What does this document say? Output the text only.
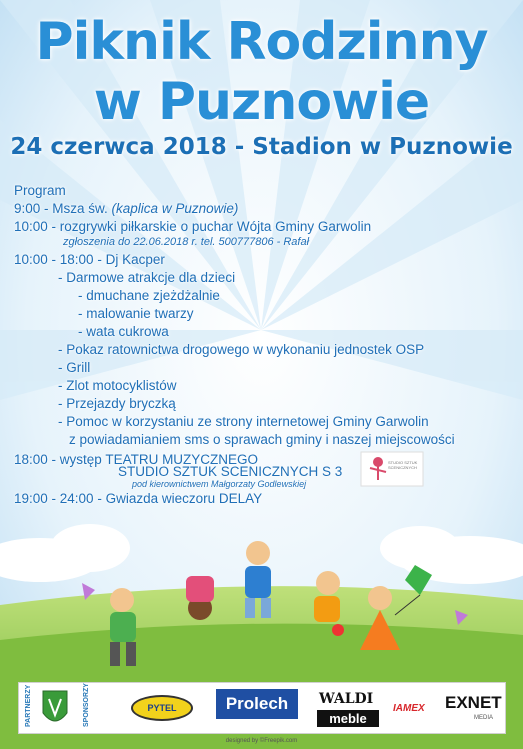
Piknik Rodzinny
w Puznowie
24 czerwca 2018 - Stadion w Puznowie
Program
9:00 - Msza św. (kaplica w Puznowie)
10:00 - rozgrywki piłkarskie o puchar Wójta Gminy Garwolin
zgłoszenia do 22.06.2018 r. tel. 500777806 - Rafał
10:00 - 18:00 - Dj Kacper
- Darmowe atrakcje dla dzieci
- dmuchane zjeżdżalnie
- malowanie twarzy
- wata cukrowa
- Pokaz ratownictwa drogowego w wykonaniu jednostek OSP
- Grill
- Zlot motocyklistów
- Przejazdy bryczką
- Pomoc w korzystaniu ze strony internetowej Gminy Garwolin
z powiadamianiem sms o sprawach gminy i naszej miejscowości
18:00 - występ TEATRU MUZYCZNEGO
STUDIO SZTUK SCENICZNYCH S 3
pod kierownictwem Małgorzaty Godlewskiej
19:00 - 24:00 - Gwiazda wieczoru DELAY
STUDIO SZTUK SCENICZNYCH
PARTNERZY	SPONSORZY	PYTEL	Prolech	WALDI
meble
IAMEX EXNET
MEDIA
designed by ©Freepik.com
